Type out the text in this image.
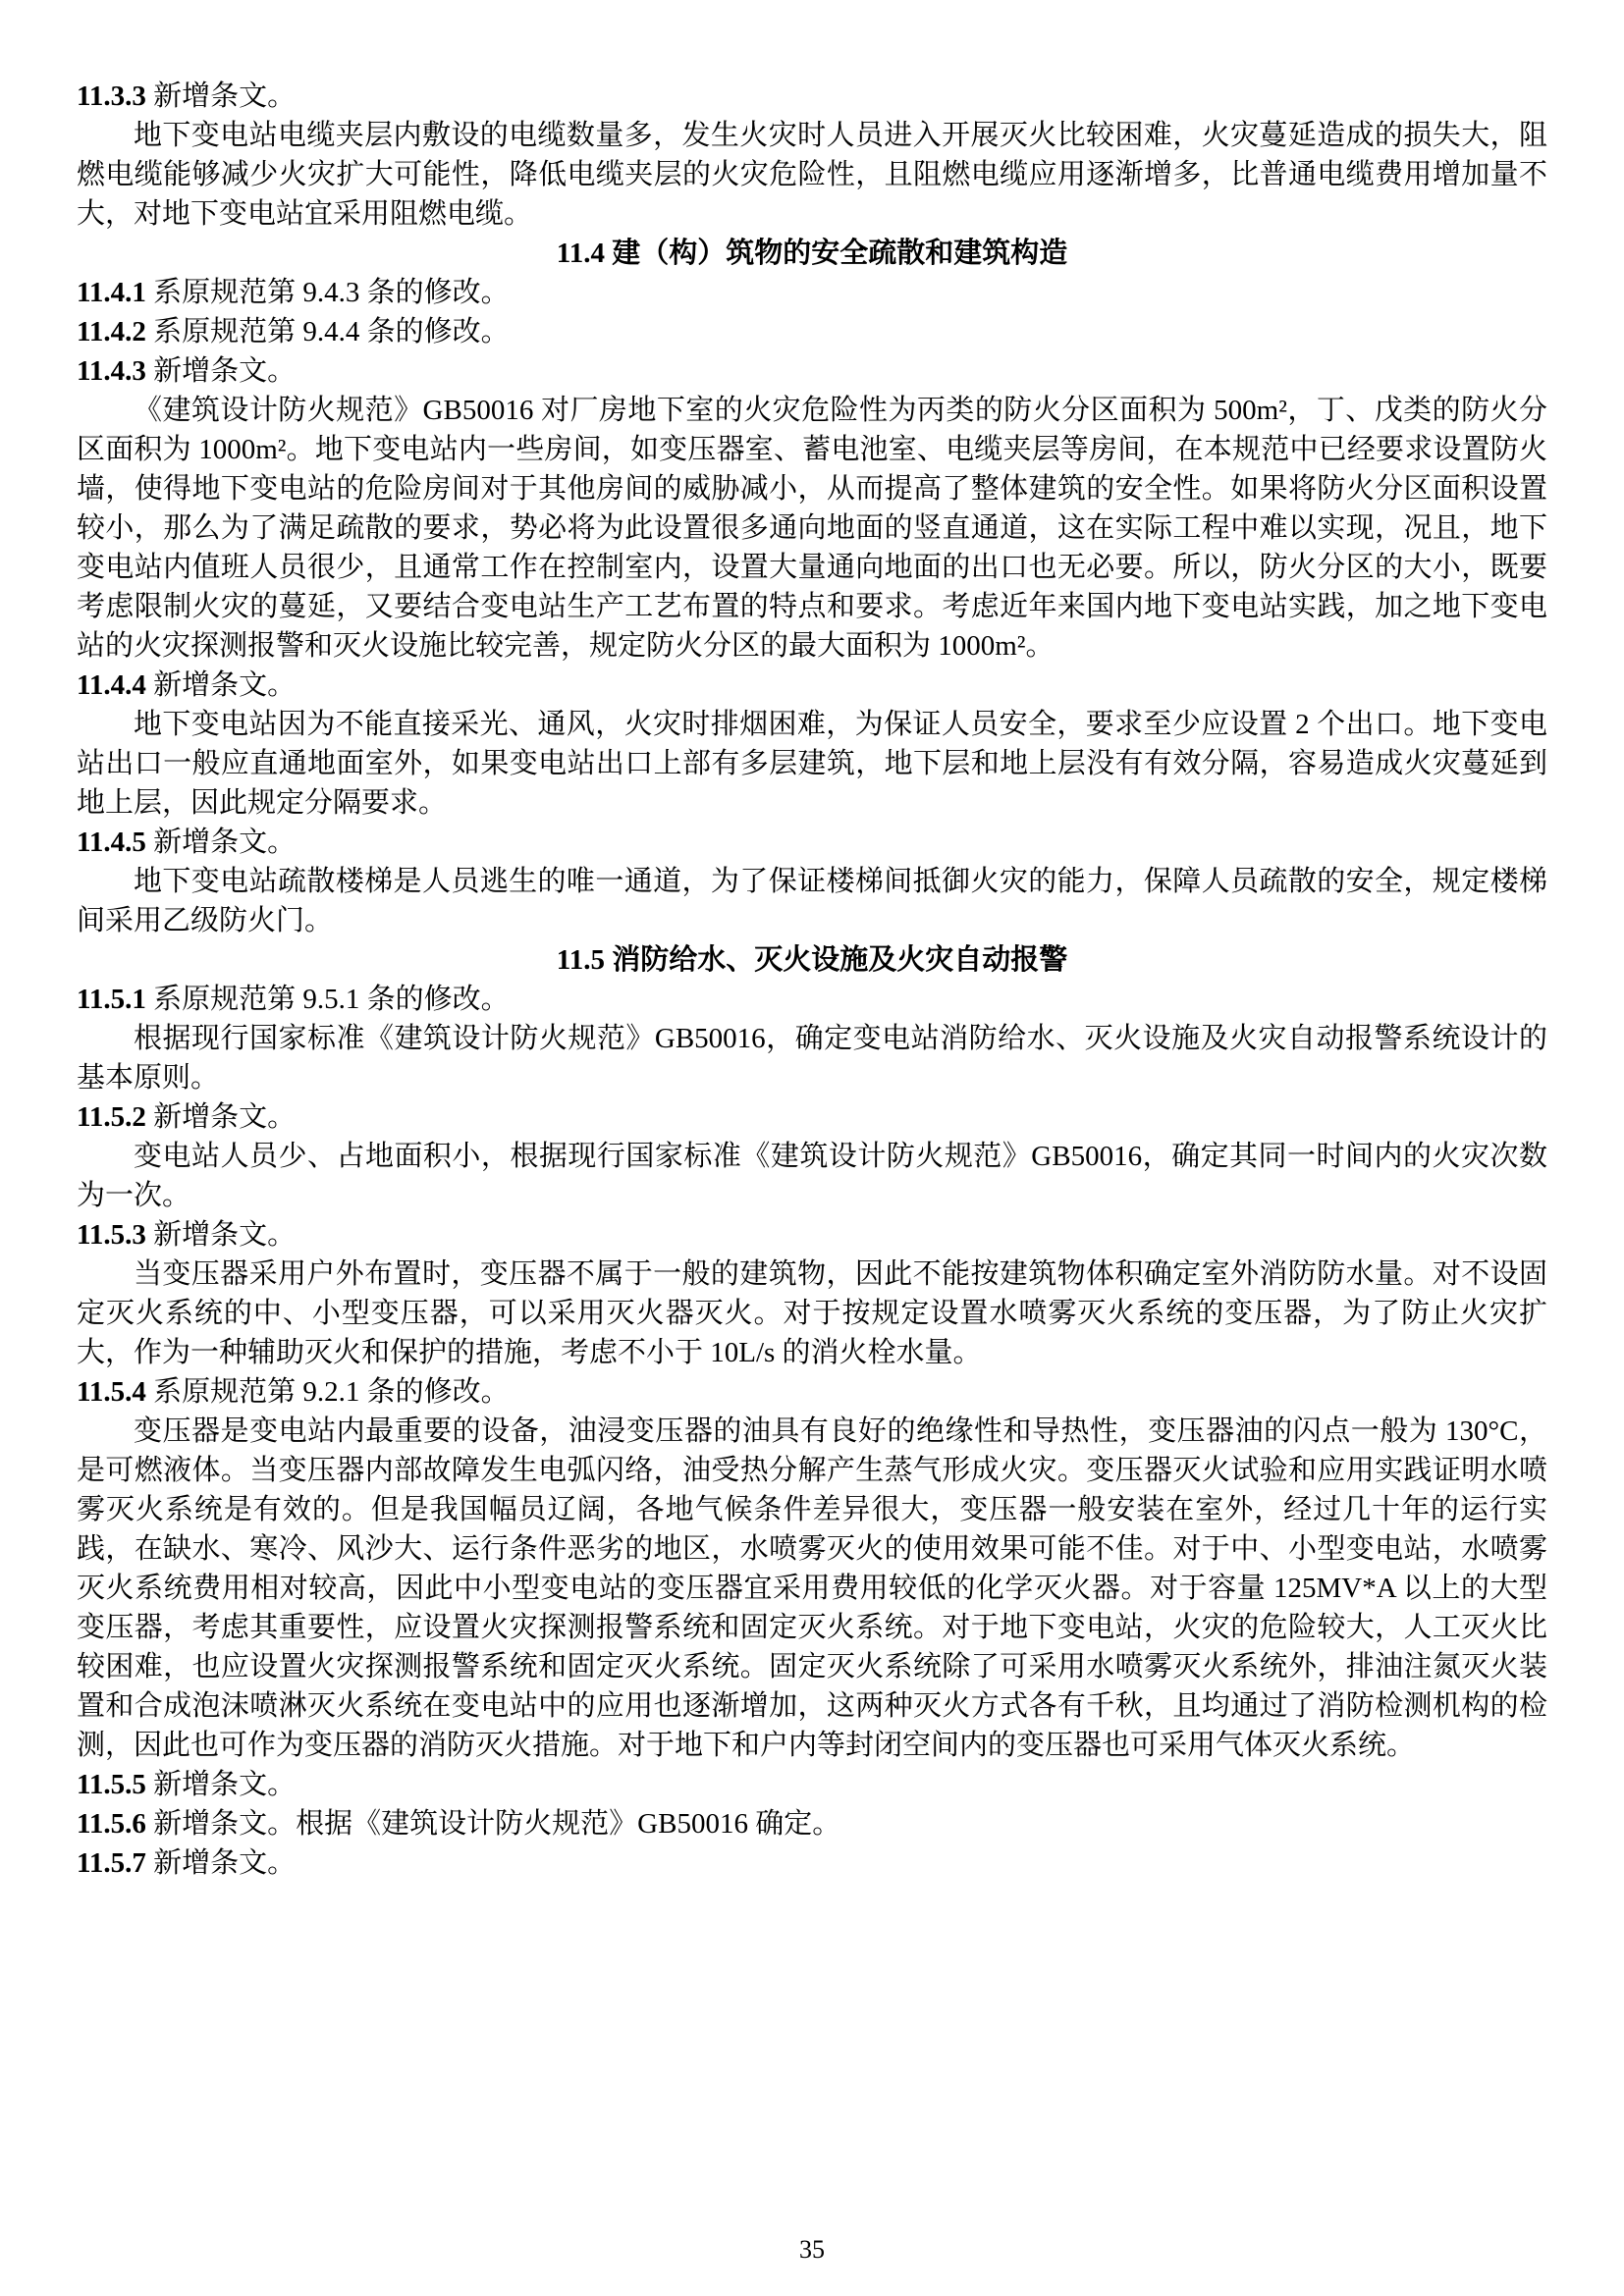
11.3.3 新增条文。

地下变电站电缆夹层内敷设的电缆数量多，发生火灾时人员进入开展灭火比较困难，火灾蔓延造成的损失大，阻燃电缆能够减少火灾扩大可能性，降低电缆夹层的火灾危险性，且阻燃电缆应用逐渐增多，比普通电缆费用增加量不大，对地下变电站宜采用阻燃电缆。

11.4 建（构）筑物的安全疏散和建筑构造
11.4.1 系原规范第 9.4.3 条的修改。
11.4.2 系原规范第 9.4.4 条的修改。
11.4.3 新增条文。

《建筑设计防火规范》GB50016 对厂房地下室的火灾危险性为丙类的防火分区面积为 500m²，丁、戊类的防火分区面积为 1000m²。地下变电站内一些房间，如变压器室、蓄电池室、电缆夹层等房间，在本规范中已经要求设置防火墙，使得地下变电站的危险房间对于其他房间的威胁减小，从而提高了整体建筑的安全性。如果将防火分区面积设置较小，那么为了满足疏散的要求，势必将为此设置很多通向地面的竖直通道，这在实际工程中难以实现，况且，地下变电站内值班人员很少，且通常工作在控制室内，设置大量通向地面的出口也无必要。所以，防火分区的大小，既要考虑限制火灾的蔓延，又要结合变电站生产工艺布置的特点和要求。考虑近年来国内地下变电站实践，加之地下变电站的火灾探测报警和灭火设施比较完善，规定防火分区的最大面积为 1000m²。

11.4.4 新增条文。

地下变电站因为不能直接采光、通风，火灾时排烟困难，为保证人员安全，要求至少应设置 2 个出口。地下变电站出口一般应直通地面室外，如果变电站出口上部有多层建筑，地下层和地上层没有有效分隔，容易造成火灾蔓延到地上层，因此规定分隔要求。

11.4.5 新增条文。

地下变电站疏散楼梯是人员逃生的唯一通道，为了保证楼梯间抵御火灾的能力，保障人员疏散的安全，规定楼梯间采用乙级防火门。

11.5 消防给水、灭火设施及火灾自动报警
11.5.1 系原规范第 9.5.1 条的修改。

根据现行国家标准《建筑设计防火规范》GB50016，确定变电站消防给水、灭火设施及火灾自动报警系统设计的基本原则。

11.5.2 新增条文。

变电站人员少、占地面积小，根据现行国家标准《建筑设计防火规范》GB50016，确定其同一时间内的火灾次数为一次。

11.5.3 新增条文。

当变压器采用户外布置时，变压器不属于一般的建筑物，因此不能按建筑物体积确定室外消防防水量。对不设固定灭火系统的中、小型变压器，可以采用灭火器灭火。对于按规定设置水喷雾灭火系统的变压器，为了防止火灾扩大，作为一种辅助灭火和保护的措施，考虑不小于 10L/s 的消火栓水量。

11.5.4 系原规范第 9.2.1 条的修改。

变压器是变电站内最重要的设备，油浸变压器的油具有良好的绝缘性和导热性，变压器油的闪点一般为 130°C，是可燃液体。当变压器内部故障发生电弧闪络，油受热分解产生蒸气形成火灾。变压器灭火试验和应用实践证明水喷雾灭火系统是有效的。但是我国幅员辽阔，各地气候条件差异很大，变压器一般安装在室外，经过几十年的运行实践，在缺水、寒冷、风沙大、运行条件恶劣的地区，水喷雾灭火的使用效果可能不佳。对于中、小型变电站，水喷雾灭火系统费用相对较高，因此中小型变电站的变压器宜采用费用较低的化学灭火器。对于容量 125MV*A 以上的大型变压器，考虑其重要性，应设置火灾探测报警系统和固定灭火系统。对于地下变电站，火灾的危险较大，人工灭火比较困难，也应设置火灾探测报警系统和固定灭火系统。固定灭火系统除了可采用水喷雾灭火系统外，排油注氮灭火装置和合成泡沫喷淋灭火系统在变电站中的应用也逐渐增加，这两种灭火方式各有千秋，且均通过了消防检测机构的检测，因此也可作为变压器的消防灭火措施。对于地下和户内等封闭空间内的变压器也可采用气体灭火系统。

11.5.5 新增条文。
11.5.6 新增条文。根据《建筑设计防火规范》GB50016 确定。
11.5.7 新增条文。
35
